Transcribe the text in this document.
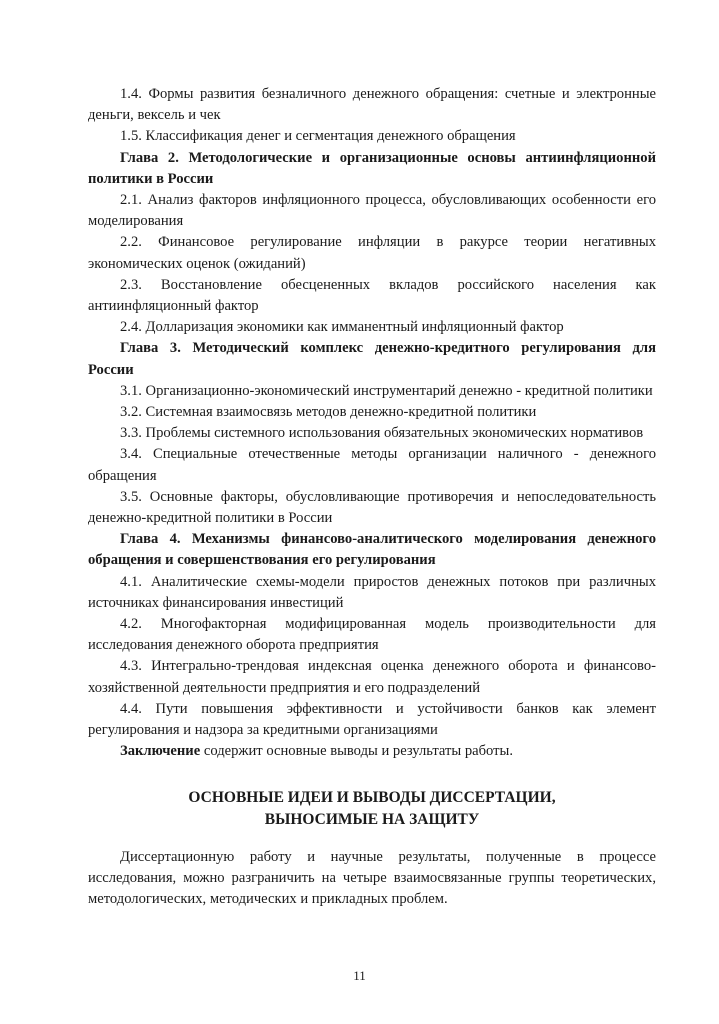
1.4. Формы развития безналичного денежного обращения: счетные и электронные деньги, вексель и чек

1.5. Классификация денег и сегментация денежного обращения

Глава 2. Методологические и организационные основы антиинфляционной политики в России

2.1. Анализ факторов инфляционного процесса, обусловливающих особенности его моделирования

2.2. Финансовое регулирование инфляции в ракурсе теории негативных экономических оценок (ожиданий)

2.3. Восстановление обесцененных вкладов российского населения как антиинфляционный фактор

2.4. Долларизация экономики как имманентный инфляционный фактор

Глава 3. Методический комплекс денежно-кредитного регулирования для России

3.1. Организационно-экономический инструментарий денежно - кредитной политики

3.2. Системная взаимосвязь методов денежно-кредитной политики

3.3. Проблемы системного использования обязательных экономических нормативов

3.4. Специальные отечественные методы организации наличного - денежного обращения

3.5. Основные факторы, обусловливающие противоречия и непоследовательность денежно-кредитной политики в России

Глава 4. Механизмы финансово-аналитического моделирования денежного обращения и совершенствования его регулирования

4.1. Аналитические схемы-модели приростов денежных потоков при различных источниках финансирования инвестиций

4.2. Многофакторная модифицированная модель производительности для исследования денежного оборота предприятия

4.3. Интегрально-трендовая индексная оценка денежного оборота и финансово-хозяйственной деятельности предприятия и его подразделений

4.4. Пути повышения эффективности и устойчивости банков как элемент регулирования и надзора за кредитными организациями

Заключение содержит основные выводы и результаты работы.

ОСНОВНЫЕ ИДЕИ И ВЫВОДЫ ДИССЕРТАЦИИ,
ВЫНОСИМЫЕ НА ЗАЩИТУ

Диссертационную работу и научные результаты, полученные в процессе исследования, можно разграничить на четыре взаимосвязанные группы теоретических, методологических, методических и прикладных проблем.

11
